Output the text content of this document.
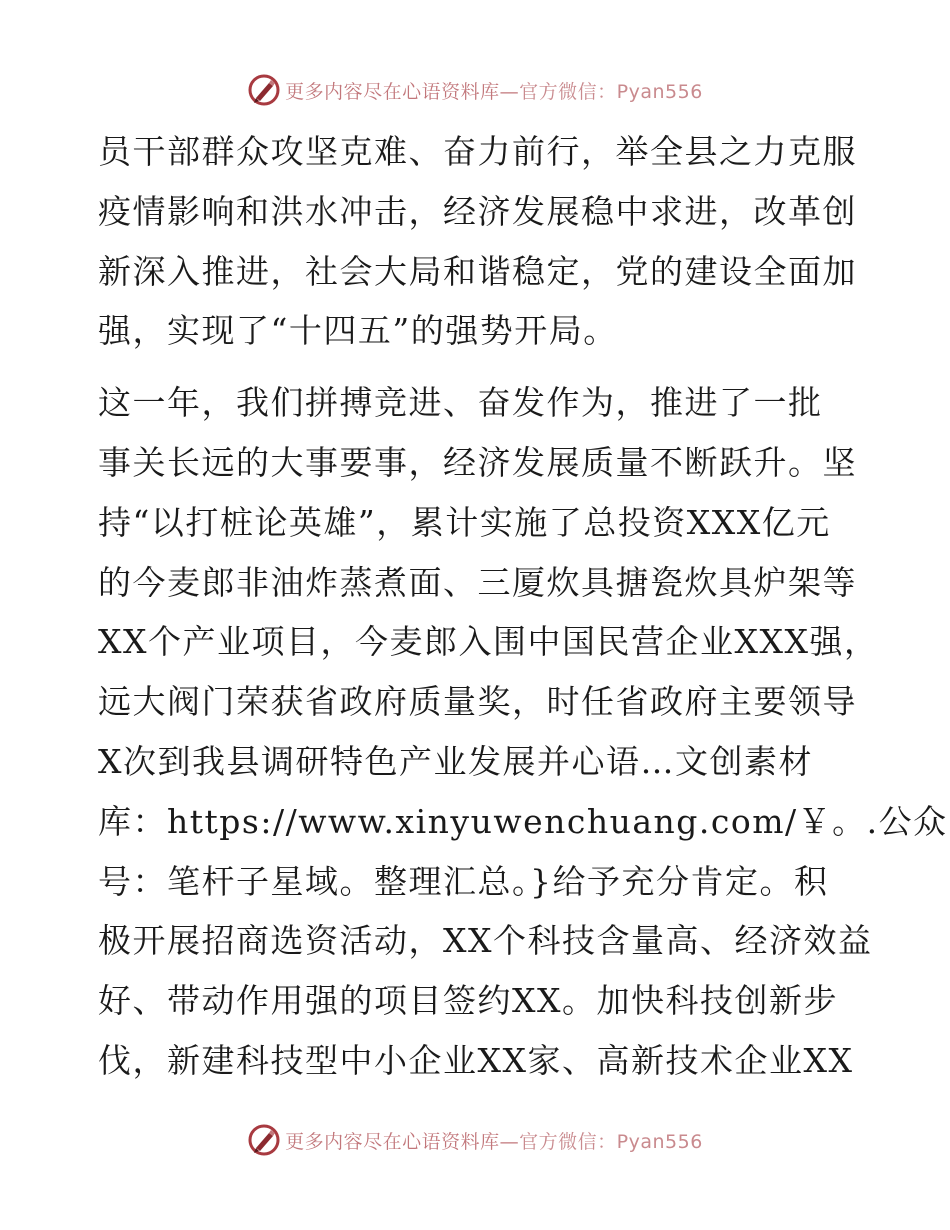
更多内容尽在心语资料库—官方微信：Pyan556

员干部群众攻坚克难、奋力前行，举全县之力克服
疫情影响和洪水冲击，经济发展稳中求进，改革创
新深入推进，社会大局和谐稳定，党的建设全面加
强，实现了“十四五”的强势开局。

这一年，我们拼搏竞进、奋发作为，推进了一批
事关长远的大事要事，经济发展质量不断跃升。坚
持“以打桩论英雄”，累计实施了总投资XXX亿元
的今麦郎非油炸蒸煮面、三厦炊具搪瓷炊具炉架等
XX个产业项目，今麦郎入围中国民营企业XXX强，
远大阀门荣获省政府质量奖，时任省政府主要领导
X次到我县调研特色产业发展并心语…文创素材
库：https://www.xinyuwenchuang.com/￥。.公众
号：笔杆子星域。整理汇总。}给予充分肯定。积
极开展招商选资活动，XX个科技含量高、经济效益
好、带动作用强的项目签约XX。加快科技创新步
伐，新建科技型中小企业XX家、高新技术企业XX

更多内容尽在心语资料库—官方微信：Pyan556
